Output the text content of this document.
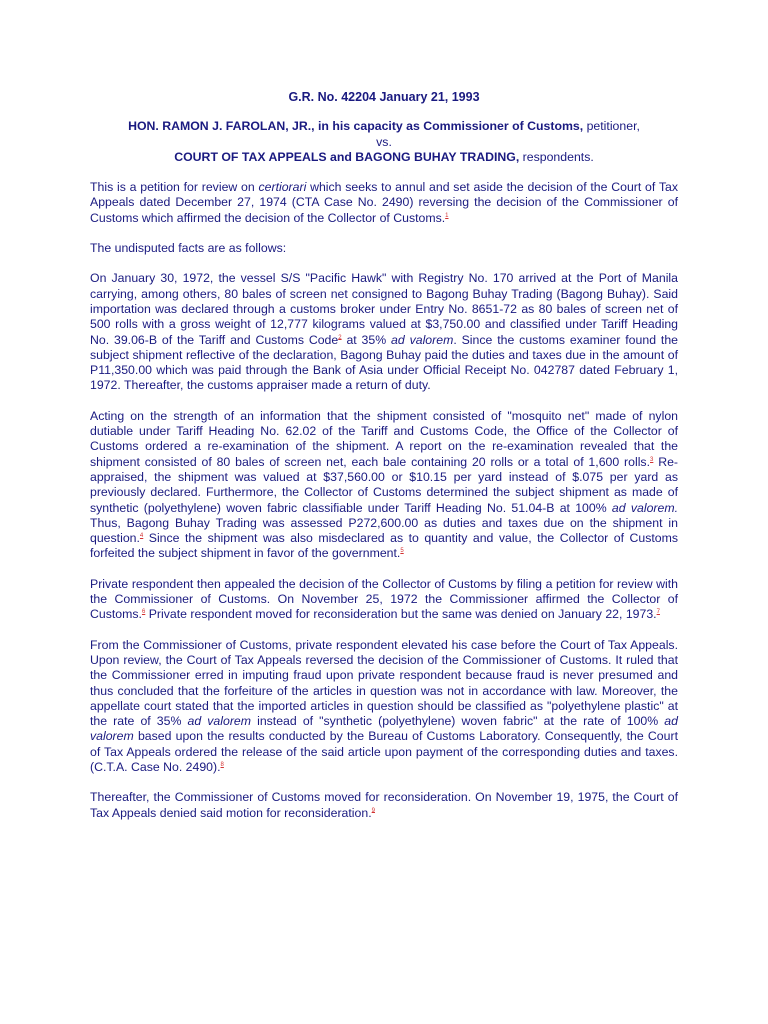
G.R. No. 42204 January 21, 1993
HON. RAMON J. FAROLAN, JR., in his capacity as Commissioner of Customs, petitioner,
vs.
COURT OF TAX APPEALS and BAGONG BUHAY TRADING, respondents.

This is a petition for review on certiorari which seeks to annul and set aside the decision of the Court of Tax Appeals dated December 27, 1974 (CTA Case No. 2490) reversing the decision of the Commissioner of Customs which affirmed the decision of the Collector of Customs.$^1$

The undisputed facts are as follows:

On January 30, 1972, the vessel S/S "Pacific Hawk" with Registry No. 170 arrived at the Port of Manila carrying, among others, 80 bales of screen net consigned to Bagong Buhay Trading (Bagong Buhay). Said importation was declared through a customs broker under Entry No. 8651-72 as 80 bales of screen net of 500 rolls with a gross weight of 12,777 kilograms valued at $3,750.00 and classified under Tariff Heading No. 39.06-B of the Tariff and Customs Code$^2$ at 35% ad valorem. Since the customs examiner found the subject shipment reflective of the declaration, Bagong Buhay paid the duties and taxes due in the amount of P11,350.00 which was paid through the Bank of Asia under Official Receipt No. 042787 dated February 1, 1972. Thereafter, the customs appraiser made a return of duty.

Acting on the strength of an information that the shipment consisted of "mosquito net" made of nylon dutiable under Tariff Heading No. 62.02 of the Tariff and Customs Code, the Office of the Collector of Customs ordered a re-examination of the shipment. A report on the re-examination revealed that the shipment consisted of 80 bales of screen net, each bale containing 20 rolls or a total of 1,600 rolls.$^3$ Re-appraised, the shipment was valued at $37,560.00 or $10.15 per yard instead of $.075 per yard as previously declared. Furthermore, the Collector of Customs determined the subject shipment as made of synthetic (polyethylene) woven fabric classifiable under Tariff Heading No. 51.04-B at 100% ad valorem. Thus, Bagong Buhay Trading was assessed P272,600.00 as duties and taxes due on the shipment in question.$^4$ Since the shipment was also misdeclared as to quantity and value, the Collector of Customs forfeited the subject shipment in favor of the government.$^5$

Private respondent then appealed the decision of the Collector of Customs by filing a petition for review with the Commissioner of Customs. On November 25, 1972 the Commissioner affirmed the Collector of Customs.$^6$ Private respondent moved for reconsideration but the same was denied on January 22, 1973.$^7$

From the Commissioner of Customs, private respondent elevated his case before the Court of Tax Appeals. Upon review, the Court of Tax Appeals reversed the decision of the Commissioner of Customs. It ruled that the Commissioner erred in imputing fraud upon private respondent because fraud is never presumed and thus concluded that the forfeiture of the articles in question was not in accordance with law. Moreover, the appellate court stated that the imported articles in question should be classified as "polyethylene plastic" at the rate of 35% ad valorem instead of "synthetic (polyethylene) woven fabric" at the rate of 100% ad valorem based upon the results conducted by the Bureau of Customs Laboratory. Consequently, the Court of Tax Appeals ordered the release of the said article upon payment of the corresponding duties and taxes. (C.T.A. Case No. 2490).$^8$

Thereafter, the Commissioner of Customs moved for reconsideration. On November 19, 1975, the Court of Tax Appeals denied said motion for reconsideration.$^9$
